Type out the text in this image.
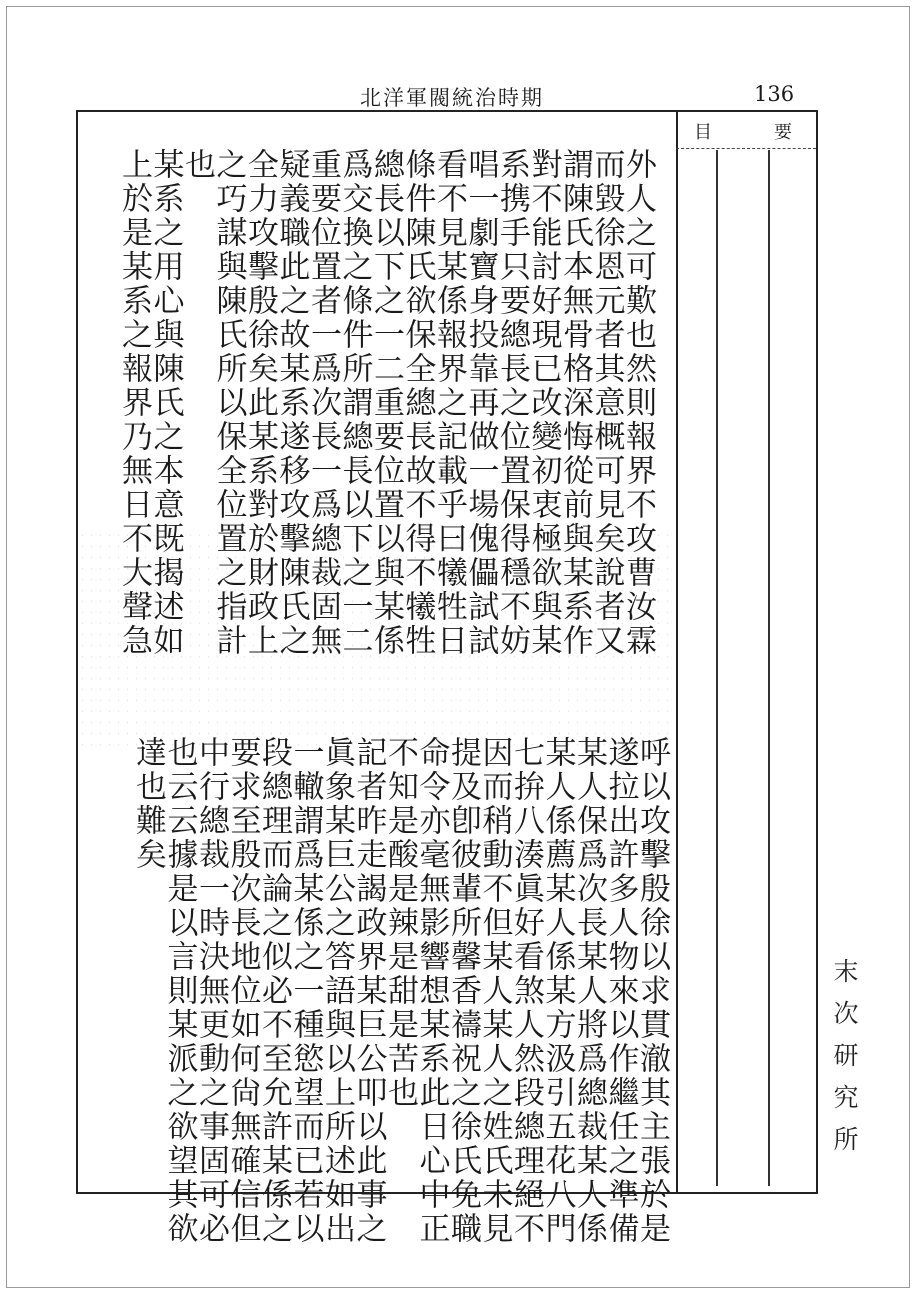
北洋軍閥統治時期	136
目	要
外人之可歎也然則報界不攻曹汝霖
而毀徐恩元者其意概可見矣說者又
謂陳氏本無骨格深悔從前與某系作
對不能討好現已改變初衷極欲與某
系携手只要總長之位置保得穩不妨
唱一劇寶身投靠再做一場傀儡試試
看不見某係報界之記載乎曰犧牲日
條件陳氏欲保全總長故不得不犧牲
總長以下之一二重要位置以與某係
爲交換之條件所謂總長以下之一二
重要位置者一爲次長一爲總裁固無
疑義職此之故某系遂移攻擊陳氏之
全力攻擊殷徐矣此某系對於財政上
之巧謀與陳氏所以保全位置之指計
也
某系之用心與陳氏之本意既揭述如
上於是某系之報界乃無日不大聲急
呼以攻擊殷徐以求貫澈其主張於是
遂拉出許多人物來以作繼任之準備
某人保爲次長某人將爲總裁某人係
某人係薦某人係某方汲引五花八門
七拚八湊眞好看煞人然段總理絕不
因而稍動不但某人某人之姓氏未見
提及卽彼輩所馨香禱祝之徐氏免職
命令亦毫無影響想某系此日心中正
不知是酸是辣是甜是苦也
記者昨走謁政界某巨公叩以此事之
眞象某巨公之答語與以上所述如出
一轍謂爲某係之一種慾望而已若以
段總理而論之似必不至允許某係之
要求至殷次長地位如何尙無確信但
中行總裁一時決無更動之事固可必
也云云據是以言則某派之欲望其欲
達也難矣
末次研究所
